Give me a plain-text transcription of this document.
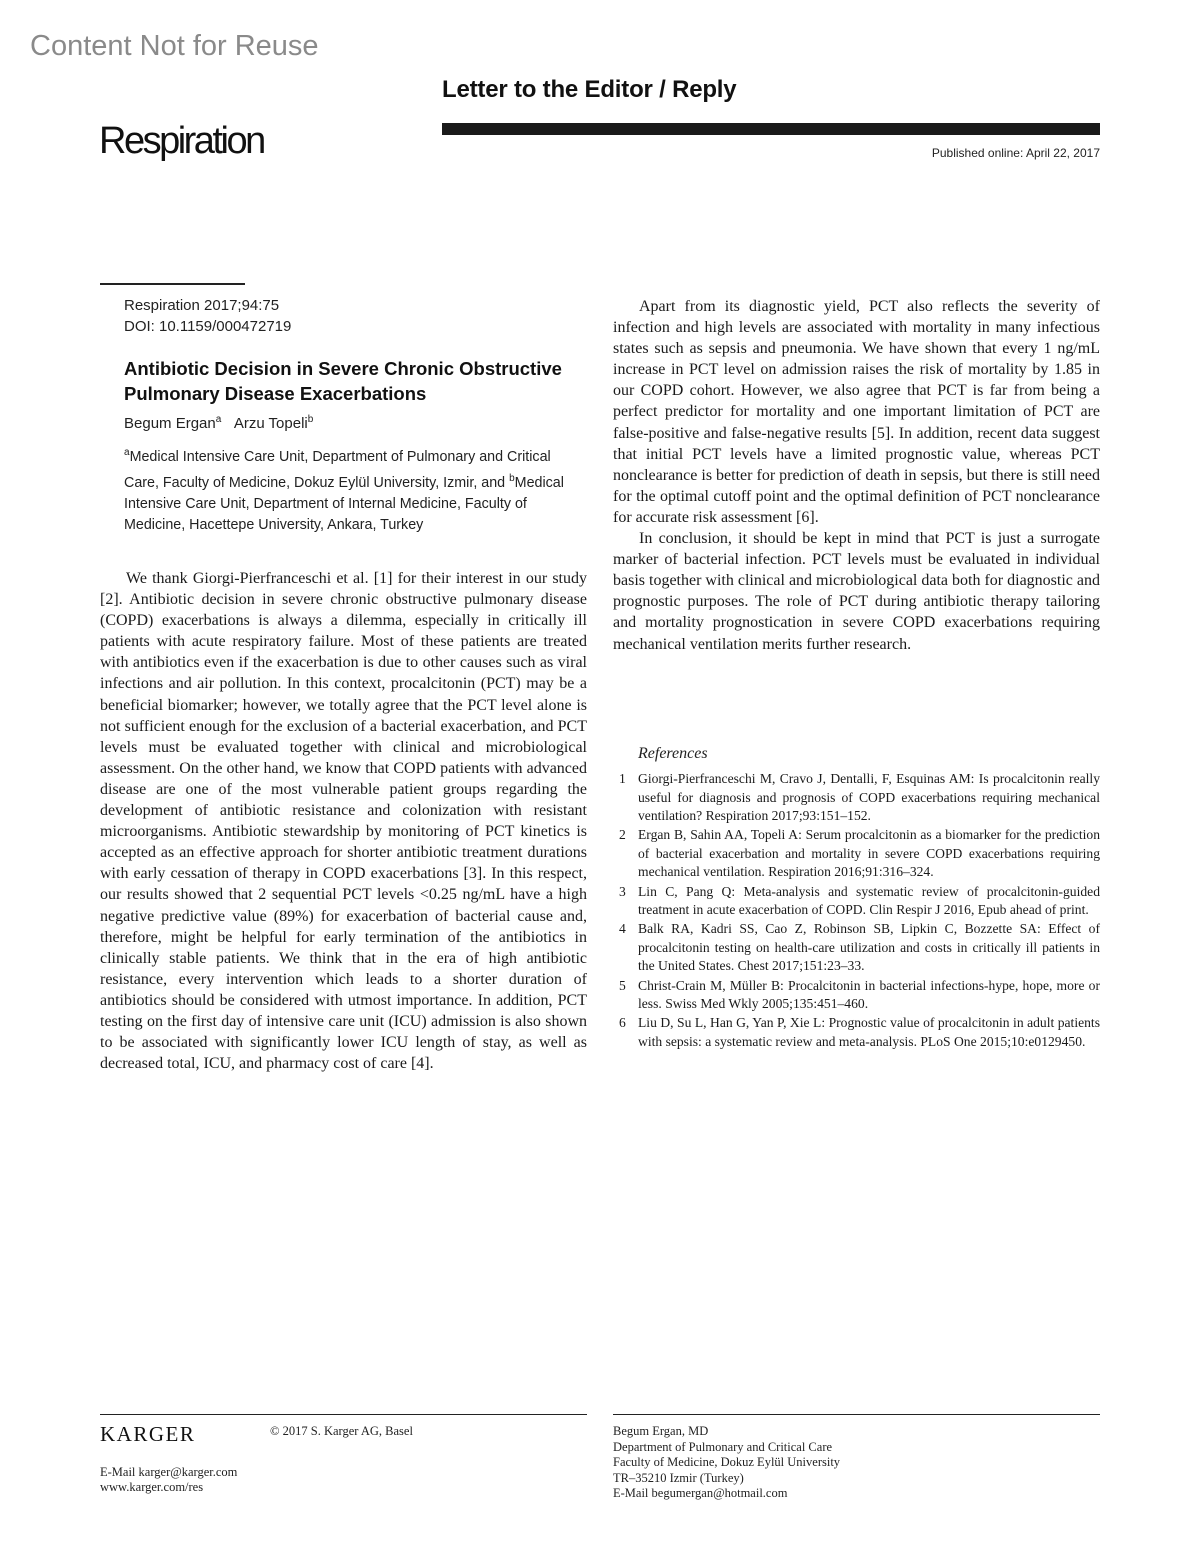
Content Not for Reuse
Letter to the Editor / Reply
Respiration	Published online: April 22, 2017
Respiration 2017;94:75
DOI: 10.1159/000472719
Antibiotic Decision in Severe Chronic Obstructive Pulmonary Disease Exacerbations
Begum Ergan$^a$ Arzu Topeli$^b$
$^a$Medical Intensive Care Unit, Department of Pulmonary and Critical Care, Faculty of Medicine, Dokuz Eylül University, Izmir, and $^b$Medical Intensive Care Unit, Department of Internal Medicine, Faculty of Medicine, Hacettepe University, Ankara, Turkey

We thank Giorgi-Pierfranceschi et al. [1] for their interest in our study [2]. Antibiotic decision in severe chronic obstructive pulmonary disease (COPD) exacerbations is always a dilemma, especially in critically ill patients with acute respiratory failure. Most of these patients are treated with antibiotics even if the exacerbation is due to other causes such as viral infections and air pollution. In this context, procalcitonin (PCT) may be a beneficial biomarker; however, we totally agree that the PCT level alone is not sufficient enough for the exclusion of a bacterial exacerbation, and PCT levels must be evaluated together with clinical and microbiological assessment. On the other hand, we know that COPD patients with advanced disease are one of the most vulnerable patient groups regarding the development of antibiotic resistance and colonization with resistant microorganisms. Antibiotic stewardship by monitoring of PCT kinetics is accepted as an effective approach for shorter antibiotic treatment durations with early cessation of therapy in COPD exacerbations [3]. In this respect, our results showed that 2 sequential PCT levels <0.25 ng/mL have a high negative predictive value (89%) for exacerbation of bacterial cause and, therefore, might be helpful for early termination of the antibiotics in clinically stable patients. We think that in the era of high antibiotic resistance, every intervention which leads to a shorter duration of antibiotics should be considered with utmost importance. In addition, PCT testing on the first day of intensive care unit (ICU) admission is also shown to be associated with significantly lower ICU length of stay, as well as decreased total, ICU, and pharmacy cost of care [4].

Apart from its diagnostic yield, PCT also reflects the severity of infection and high levels are associated with mortality in many infectious states such as sepsis and pneumonia. We have shown that every 1 ng/mL increase in PCT level on admission raises the risk of mortality by 1.85 in our COPD cohort. However, we also agree that PCT is far from being a perfect predictor for mortality and one important limitation of PCT are false-positive and false-negative results [5]. In addition, recent data suggest that initial PCT levels have a limited prognostic value, whereas PCT nonclearance is better for prediction of death in sepsis, but there is still need for the optimal cutoff point and the optimal definition of PCT nonclearance for accurate risk assessment [6].

In conclusion, it should be kept in mind that PCT is just a surrogate marker of bacterial infection. PCT levels must be evaluated in individual basis together with clinical and microbiological data both for diagnostic and prognostic purposes. The role of PCT during antibiotic therapy tailoring and mortality prognostication in severe COPD exacerbations requiring mechanical ventilation merits further research.

References
1 Giorgi-Pierfranceschi M, Cravo J, Dentalli, F, Esquinas AM: Is procalcitonin really useful for diagnosis and prognosis of COPD exacerbations requiring mechanical ventilation? Respiration 2017;93:151–152.
2 Ergan B, Sahin AA, Topeli A: Serum procalcitonin as a biomarker for the prediction of bacterial exacerbation and mortality in severe COPD exacerbations requiring mechanical ventilation. Respiration 2016;91:316–324.
3 Lin C, Pang Q: Meta-analysis and systematic review of procalcitonin-guided treatment in acute exacerbation of COPD. Clin Respir J 2016, Epub ahead of print.
4 Balk RA, Kadri SS, Cao Z, Robinson SB, Lipkin C, Bozzette SA: Effect of procalcitonin testing on health-care utilization and costs in critically ill patients in the United States. Chest 2017;151:23–33.
5 Christ-Crain M, Müller B: Procalcitonin in bacterial infections-hype, hope, more or less. Swiss Med Wkly 2005;135:451–460.
6 Liu D, Su L, Han G, Yan P, Xie L: Prognostic value of procalcitonin in adult patients with sepsis: a systematic review and meta-analysis. PLoS One 2015;10:e0129450.
KARGER	© 2017 S. Karger AG, Basel
E-Mail karger@karger.com
www.karger.com/res
Begum Ergan, MD
Department of Pulmonary and Critical Care
Faculty of Medicine, Dokuz Eylül University
TR–35210 Izmir (Turkey)
E-Mail begumergan@hotmail.com
